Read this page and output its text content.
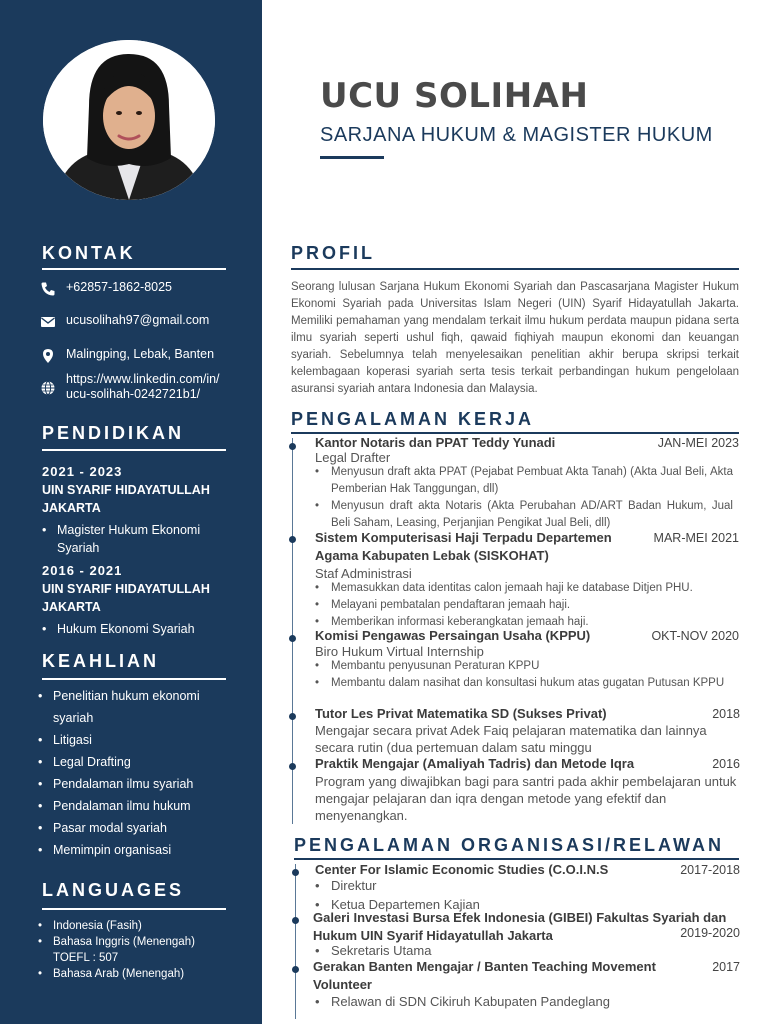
KONTAK
+62857-1862-8025
ucusolihah97@gmail.com
Malingping, Lebak, Banten
https://www.linkedin.com/in/ucu-solihah-0242721b1/
PENDIDIKAN
2021 - 2023
UIN SYARIF HIDAYATULLAH JAKARTA
• Magister Hukum Ekonomi Syariah
2016 - 2021
UIN SYARIF HIDAYATULLAH JAKARTA
• Hukum Ekonomi Syariah
KEAHLIAN
• Penelitian hukum ekonomi syariah
• Litigasi
• Legal Drafting
• Pendalaman ilmu syariah
• Pendalaman ilmu hukum
• Pasar modal syariah
• Memimpin organisasi
LANGUAGES
• Indonesia (Fasih)
• Bahasa Inggris (Menengah) TOEFL : 507
• Bahasa Arab (Menengah)
UCU SOLIHAH
SARJANA HUKUM & MAGISTER HUKUM
PROFIL
Seorang lulusan Sarjana Hukum Ekonomi Syariah dan Pascasarjana Magister Hukum Ekonomi Syariah pada Universitas Islam Negeri (UIN) Syarif Hidayatullah Jakarta. Memiliki pemahaman yang mendalam terkait ilmu hukum perdata maupun pidana serta ilmu syariah seperti ushul fiqh, qawaid fiqhiyah maupun ekonomi dan keuangan syariah. Sebelumnya telah menyelesaikan penelitian akhir berupa skripsi terkait kelembagaan koperasi syariah serta tesis terkait perbandingan hukum pengelolaan asuransi syariah antara Indonesia dan Malaysia.
PENGALAMAN KERJA
Kantor Notaris dan PPAT Teddy Yunadi	JAN-MEI 2023
Legal Drafter
• Menyusun draft akta PPAT (Pejabat Pembuat Akta Tanah) (Akta Jual Beli, Akta Pemberian Hak Tanggungan, dll)
• Menyusun draft akta Notaris (Akta Perubahan AD/ART Badan Hukum, Jual Beli Saham, Leasing, Perjanjian Pengikat Jual Beli, dll)
Sistem Komputerisasi Haji Terpadu Departemen Agama Kabupaten Lebak (SISKOHAT)
MAR-MEI 2021
Staf Administrasi
• Memasukkan data identitas calon jemaah haji ke database Ditjen PHU.
• Melayani pembatalan pendaftaran jemaah haji.
• Memberikan informasi keberangkatan jemaah haji.
Komisi Pengawas Persaingan Usaha (KPPU)	OKT-NOV 2020
Biro Hukum Virtual Internship
• Membantu penyusunan Peraturan KPPU
• Membantu dalam nasihat dan konsultasi hukum atas gugatan Putusan KPPU
Tutor Les Privat Matematika SD (Sukses Privat)	2018
Mengajar secara privat Adek Faiq pelajaran matematika dan lainnya secara rutin (dua pertemuan dalam satu minggu
Praktik Mengajar (Amaliyah Tadris) dan Metode Iqra	2016
Program yang diwajibkan bagi para santri pada akhir pembelajaran untuk mengajar pelajaran dan iqra dengan metode yang efektif dan menyenangkan.
PENGALAMAN ORGANISASI/RELAWAN
Center For Islamic Economic Studies (C.O.I.N.S	2017-2018
• Direktur
• Ketua Departemen Kajian
Galeri Investasi Bursa Efek Indonesia (GIBEI) Fakultas Syariah dan Hukum UIN Syarif Hidayatullah Jakarta	2019-2020
• Sekretaris Utama
Gerakan Banten Mengajar / Banten Teaching Movement Volunteer
2017
• Relawan di SDN Cikiruh Kabupaten Pandeglang
